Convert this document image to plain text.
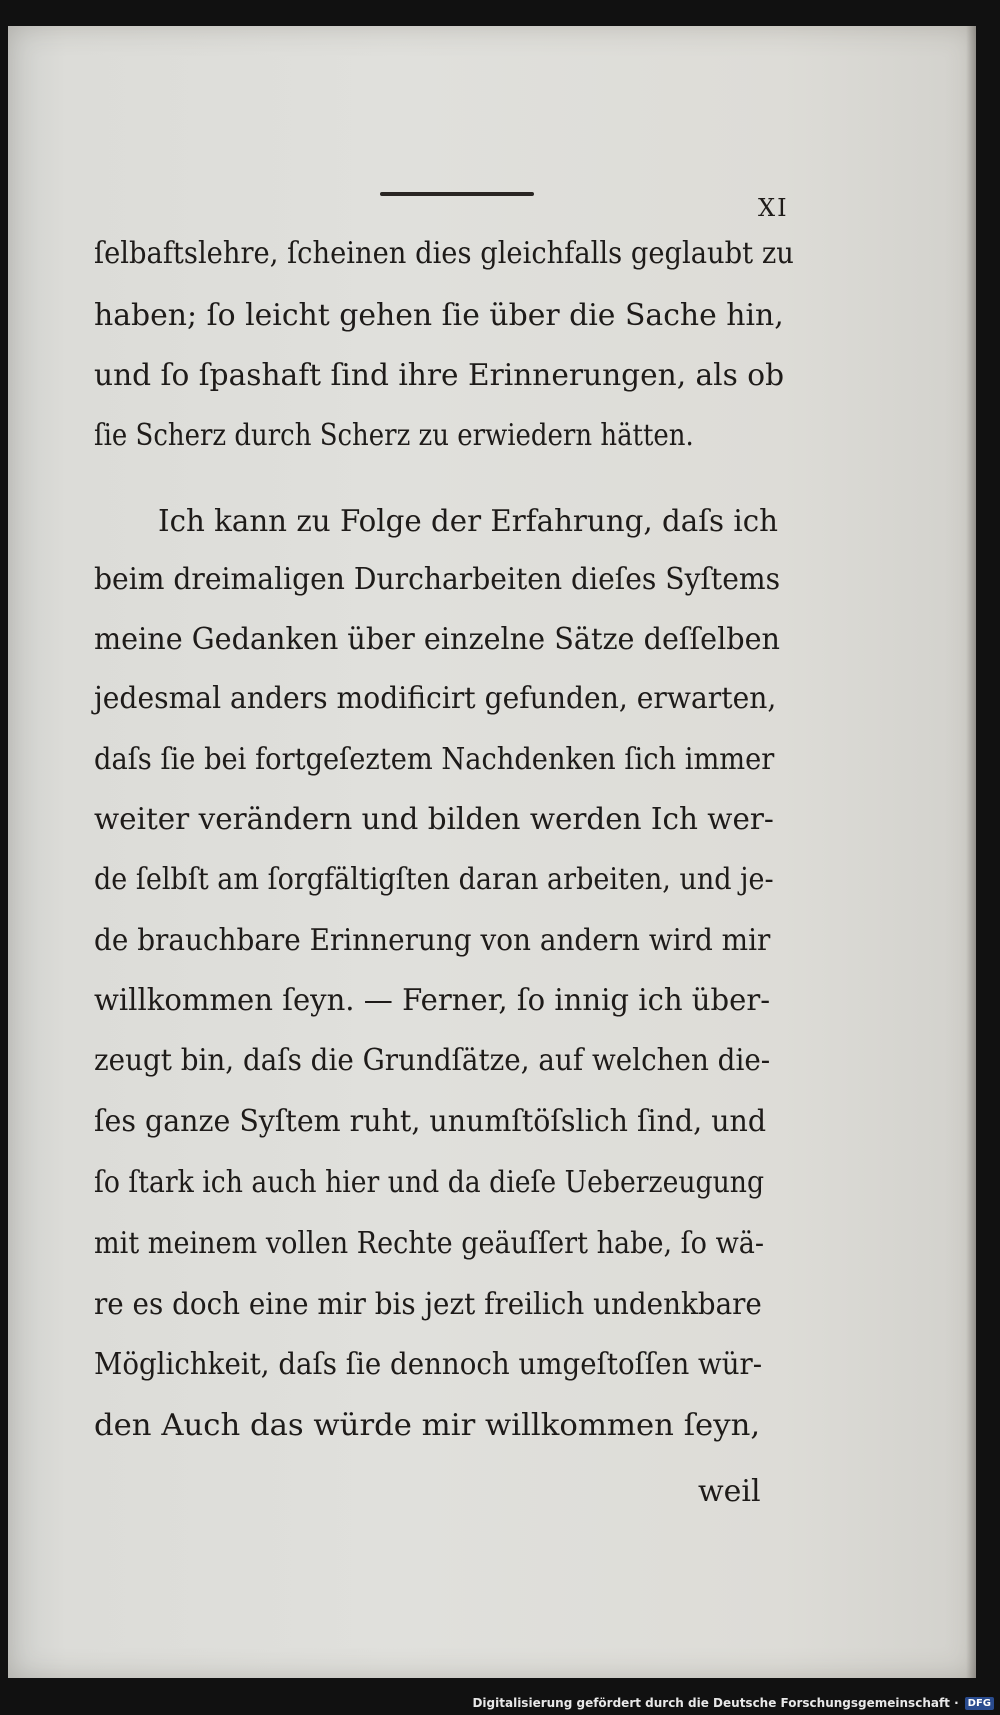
XI
ſelbaftslehre, ſcheinen dies gleichfalls geglaubt zu
haben; ſo leicht gehen ſie über die Sache hin,
und ſo ſpashaft ſind ihre Erinnerungen, als ob
ſie Scherz durch Scherz zu erwiedern hätten.
Ich kann zu Folge der Erfahrung, daſs ich
beim dreimaligen Durcharbeiten dieſes Syſtems
meine Gedanken über einzelne Sätze deſſelben
jedesmal anders modificirt gefunden, erwarten,
daſs ſie bei fortgeſeztem Nachdenken ſich immer
weiter verändern und bilden werden Ich wer-
de ſelbſt am ſorgfältigſten daran arbeiten, und je-
de brauchbare Erinnerung von andern wird mir
willkommen ſeyn. — Ferner, ſo innig ich über-
zeugt bin, daſs die Grundſätze, auf welchen die-
ſes ganze Syſtem ruht, unumſtöſslich ſind, und
ſo ſtark ich auch hier und da dieſe Ueberzeugung
mit meinem vollen Rechte geäuſſert habe, ſo wä-
re es doch eine mir bis jezt freilich undenkbare
Möglichkeit, daſs ſie dennoch umgeſtoſſen wür-
den Auch das würde mir willkommen ſeyn,
weil
Digitalisierung gefördert durch die Deutsche Forschungsgemeinschaft · DFG
